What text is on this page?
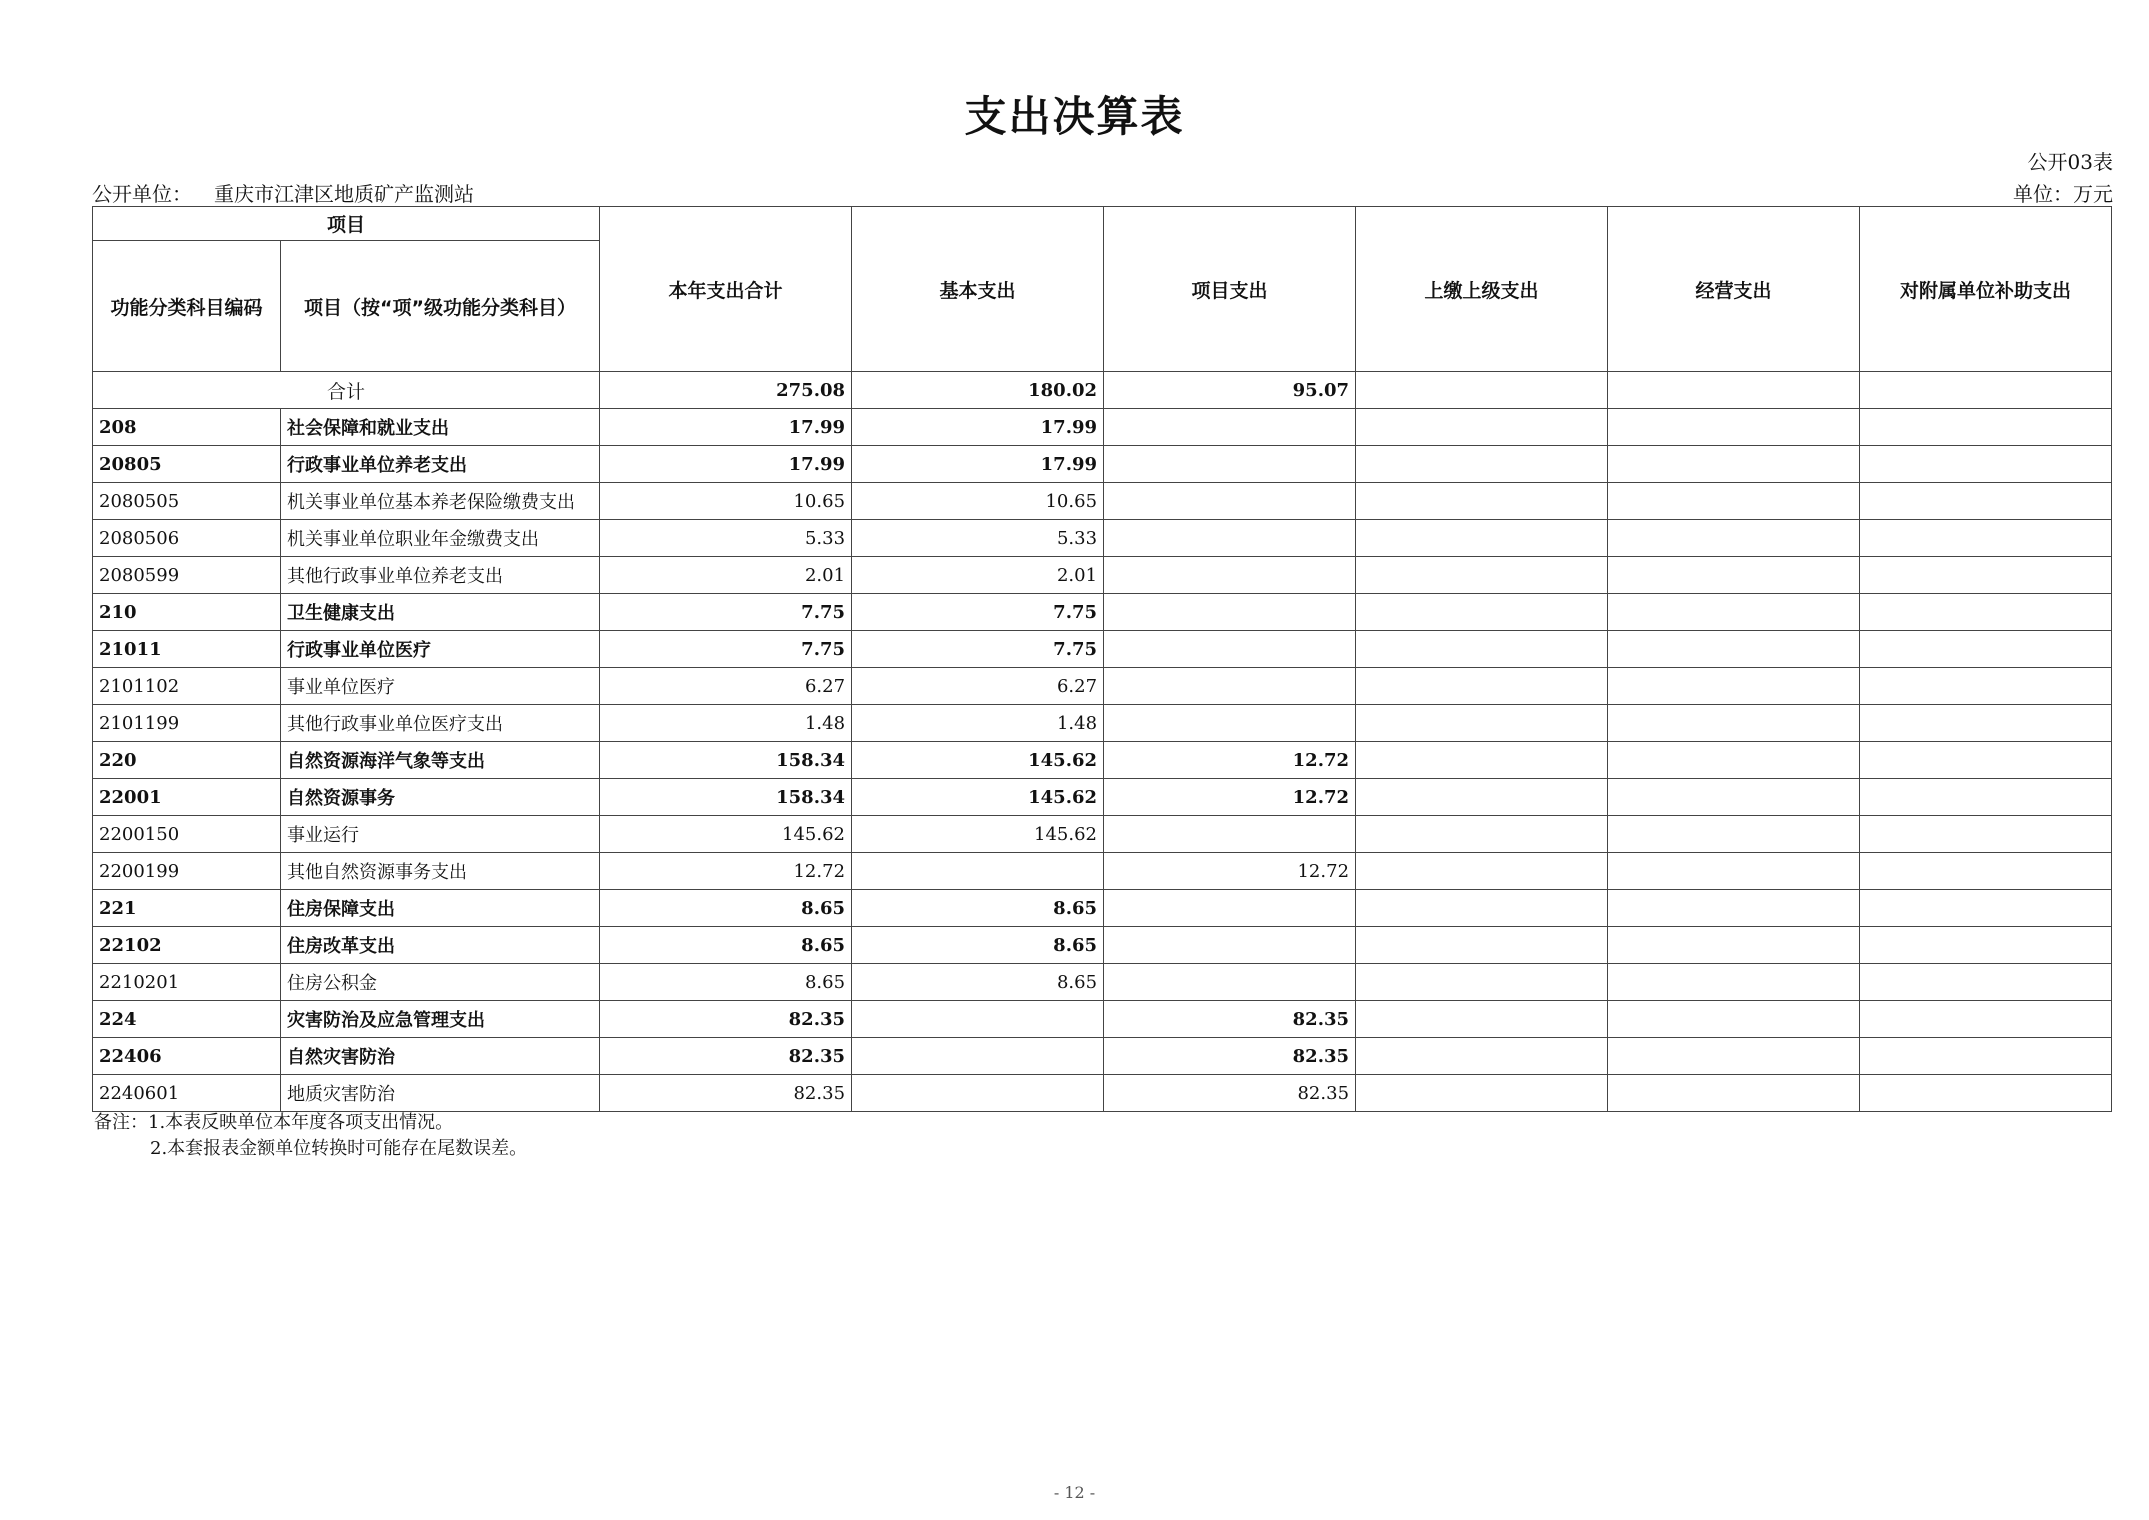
支出决算表
公开03表
公开单位： 重庆市江津区地质矿产监测站	单位：万元
项目		本年支出合计	基本支出	项目支出	上缴上级支出	经营支出	对附属单位补助支出
功能分类科目编码	项目（按“项”级功能分类科目）						
合计		275.08	180.02	95.07			
208	社会保障和就业支出	17.99	17.99				
20805	行政事业单位养老支出	17.99	17.99				
2080505	机关事业单位基本养老保险缴费支出	10.65	10.65				
2080506	机关事业单位职业年金缴费支出	5.33	5.33				
2080599	其他行政事业单位养老支出	2.01	2.01				
210	卫生健康支出	7.75	7.75				
21011	行政事业单位医疗	7.75	7.75				
2101102	事业单位医疗	6.27	6.27				
2101199	其他行政事业单位医疗支出	1.48	1.48				
220	自然资源海洋气象等支出	158.34	145.62	12.72			
22001	自然资源事务	158.34	145.62	12.72			
2200150	事业运行	145.62	145.62				
2200199	其他自然资源事务支出	12.72		12.72			
221	住房保障支出	8.65	8.65				
22102	住房改革支出	8.65	8.65				
2210201	住房公积金	8.65	8.65				
224	灾害防治及应急管理支出	82.35		82.35			
22406	自然灾害防治	82.35		82.35			
2240601	地质灾害防治	82.35		82.35			
备注：1.本表反映单位本年度各项支出情况。
2.本套报表金额单位转换时可能存在尾数误差。
- 12 -
